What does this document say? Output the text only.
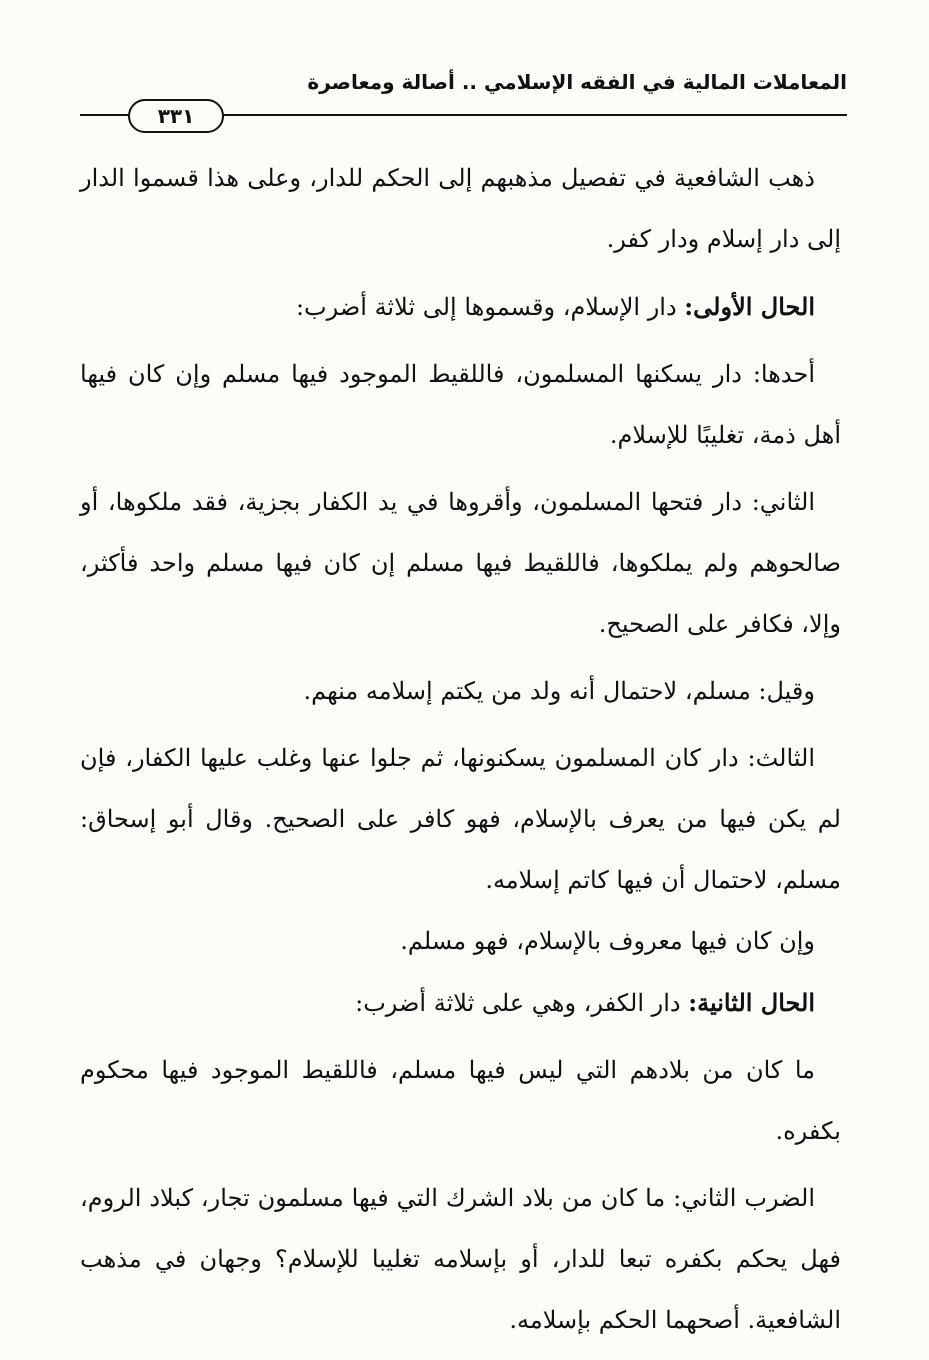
المعاملات المالية في الفقه الإسلامي .. أصالة ومعاصرة
٣٣١

ذهب الشافعية في تفصيل مذهبهم إلى الحكم للدار، وعلى هذا قسموا الدار إلى دار إسلام ودار كفر.

الحال الأولى: دار الإسلام، وقسموها إلى ثلاثة أضرب:

أحدها: دار يسكنها المسلمون، فاللقيط الموجود فيها مسلم وإن كان فيها أهل ذمة، تغليبًا للإسلام.

الثاني: دار فتحها المسلمون، وأقروها في يد الكفار بجزية، فقد ملكوها، أو صالحوهم ولم يملكوها، فاللقيط فيها مسلم إن كان فيها مسلم واحد فأكثر، وإلا، فكافر على الصحيح.

وقيل: مسلم، لاحتمال أنه ولد من يكتم إسلامه منهم.

الثالث: دار كان المسلمون يسكنونها، ثم جلوا عنها وغلب عليها الكفار، فإن لم يكن فيها من يعرف بالإسلام، فهو كافر على الصحيح. وقال أبو إسحاق: مسلم، لاحتمال أن فيها كاتم إسلامه.

وإن كان فيها معروف بالإسلام، فهو مسلم.

الحال الثانية: دار الكفر، وهي على ثلاثة أضرب:

ما كان من بلادهم التي ليس فيها مسلم، فاللقيط الموجود فيها محكوم بكفره.

الضرب الثاني: ما كان من بلاد الشرك التي فيها مسلمون تجار، كبلاد الروم، فهل يحكم بكفره تبعا للدار، أو بإسلامه تغليبا للإسلام؟ وجهان في مذهب الشافعية. أصحهما الحكم بإسلامه.
